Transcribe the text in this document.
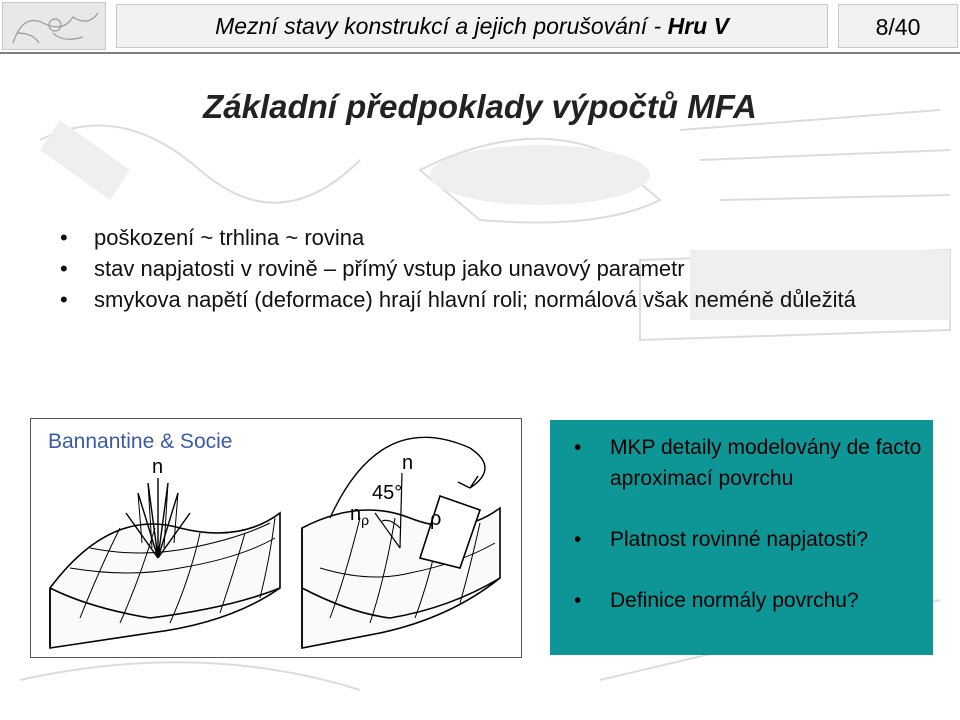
Mezní stavy konstrukcí a jejich porušování - Hru V	8/40
Základní předpoklady výpočtů MFA
• poškození ~ trhlina ~ rovina
• stav napjatosti v rovině – přímý vstup jako unavový parametr
• smykova napětí (deformace) hrají hlavní roli; normálová však neméně důležitá
Bannantine & Socie
n	n
45°
$n_\rho$	ρ
• MKP detaily modelovány de facto aproximací povrchu
• Platnost rovinné napjatosti?
• Definice normály povrchu?
